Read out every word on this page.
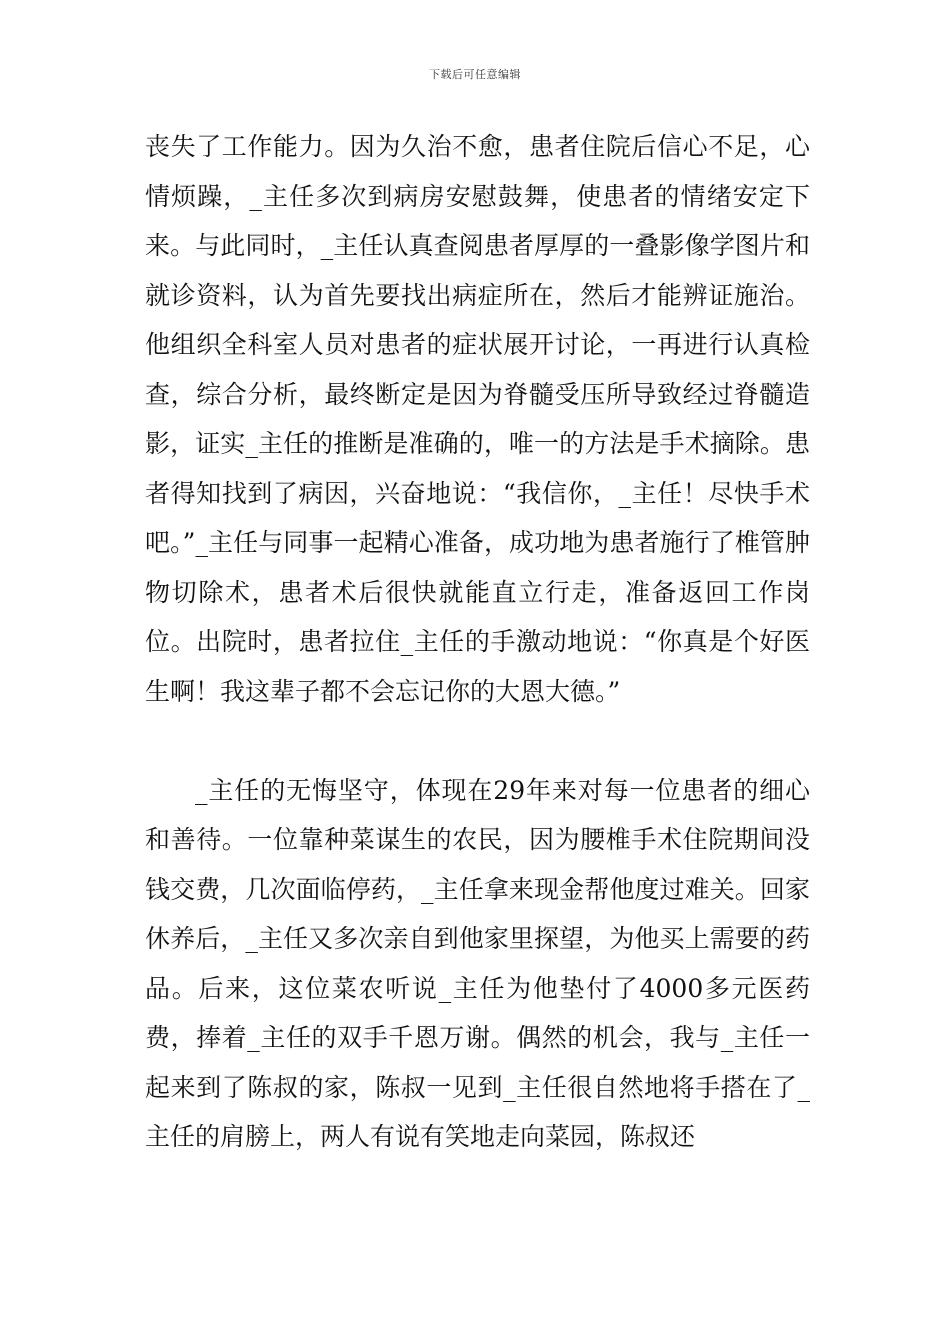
下载后可任意编辑

丧失了工作能力。因为久治不愈，患者住院后信心不足，心情烦躁，_主任多次到病房安慰鼓舞，使患者的情绪安定下来。与此同时，_主任认真查阅患者厚厚的一叠影像学图片和就诊资料，认为首先要找出病症所在，然后才能辨证施治。他组织全科室人员对患者的症状展开讨论，一再进行认真检查，综合分析，最终断定是因为脊髓受压所导致经过脊髓造影，证实_主任的推断是准确的，唯一的方法是手术摘除。患者得知找到了病因，兴奋地说：“我信你，_主任！尽快手术吧。”_主任与同事一起精心准备，成功地为患者施行了椎管肿物切除术，患者术后很快就能直立行走，准备返回工作岗位。出院时，患者拉住_主任的手激动地说：“你真是个好医生啊！我这辈子都不会忘记你的大恩大德。”

_主任的无悔坚守，体现在29年来对每一位患者的细心和善待。一位靠种菜谋生的农民，因为腰椎手术住院期间没钱交费，几次面临停药，_主任拿来现金帮他度过难关。回家休养后，_主任又多次亲自到他家里探望，为他买上需要的药品。后来，这位菜农听说_主任为他垫付了4000多元医药费，捧着_主任的双手千恩万谢。偶然的机会，我与_主任一起来到了陈叔的家，陈叔一见到_主任很自然地将手搭在了_主任的肩膀上，两人有说有笑地走向菜园，陈叔还
